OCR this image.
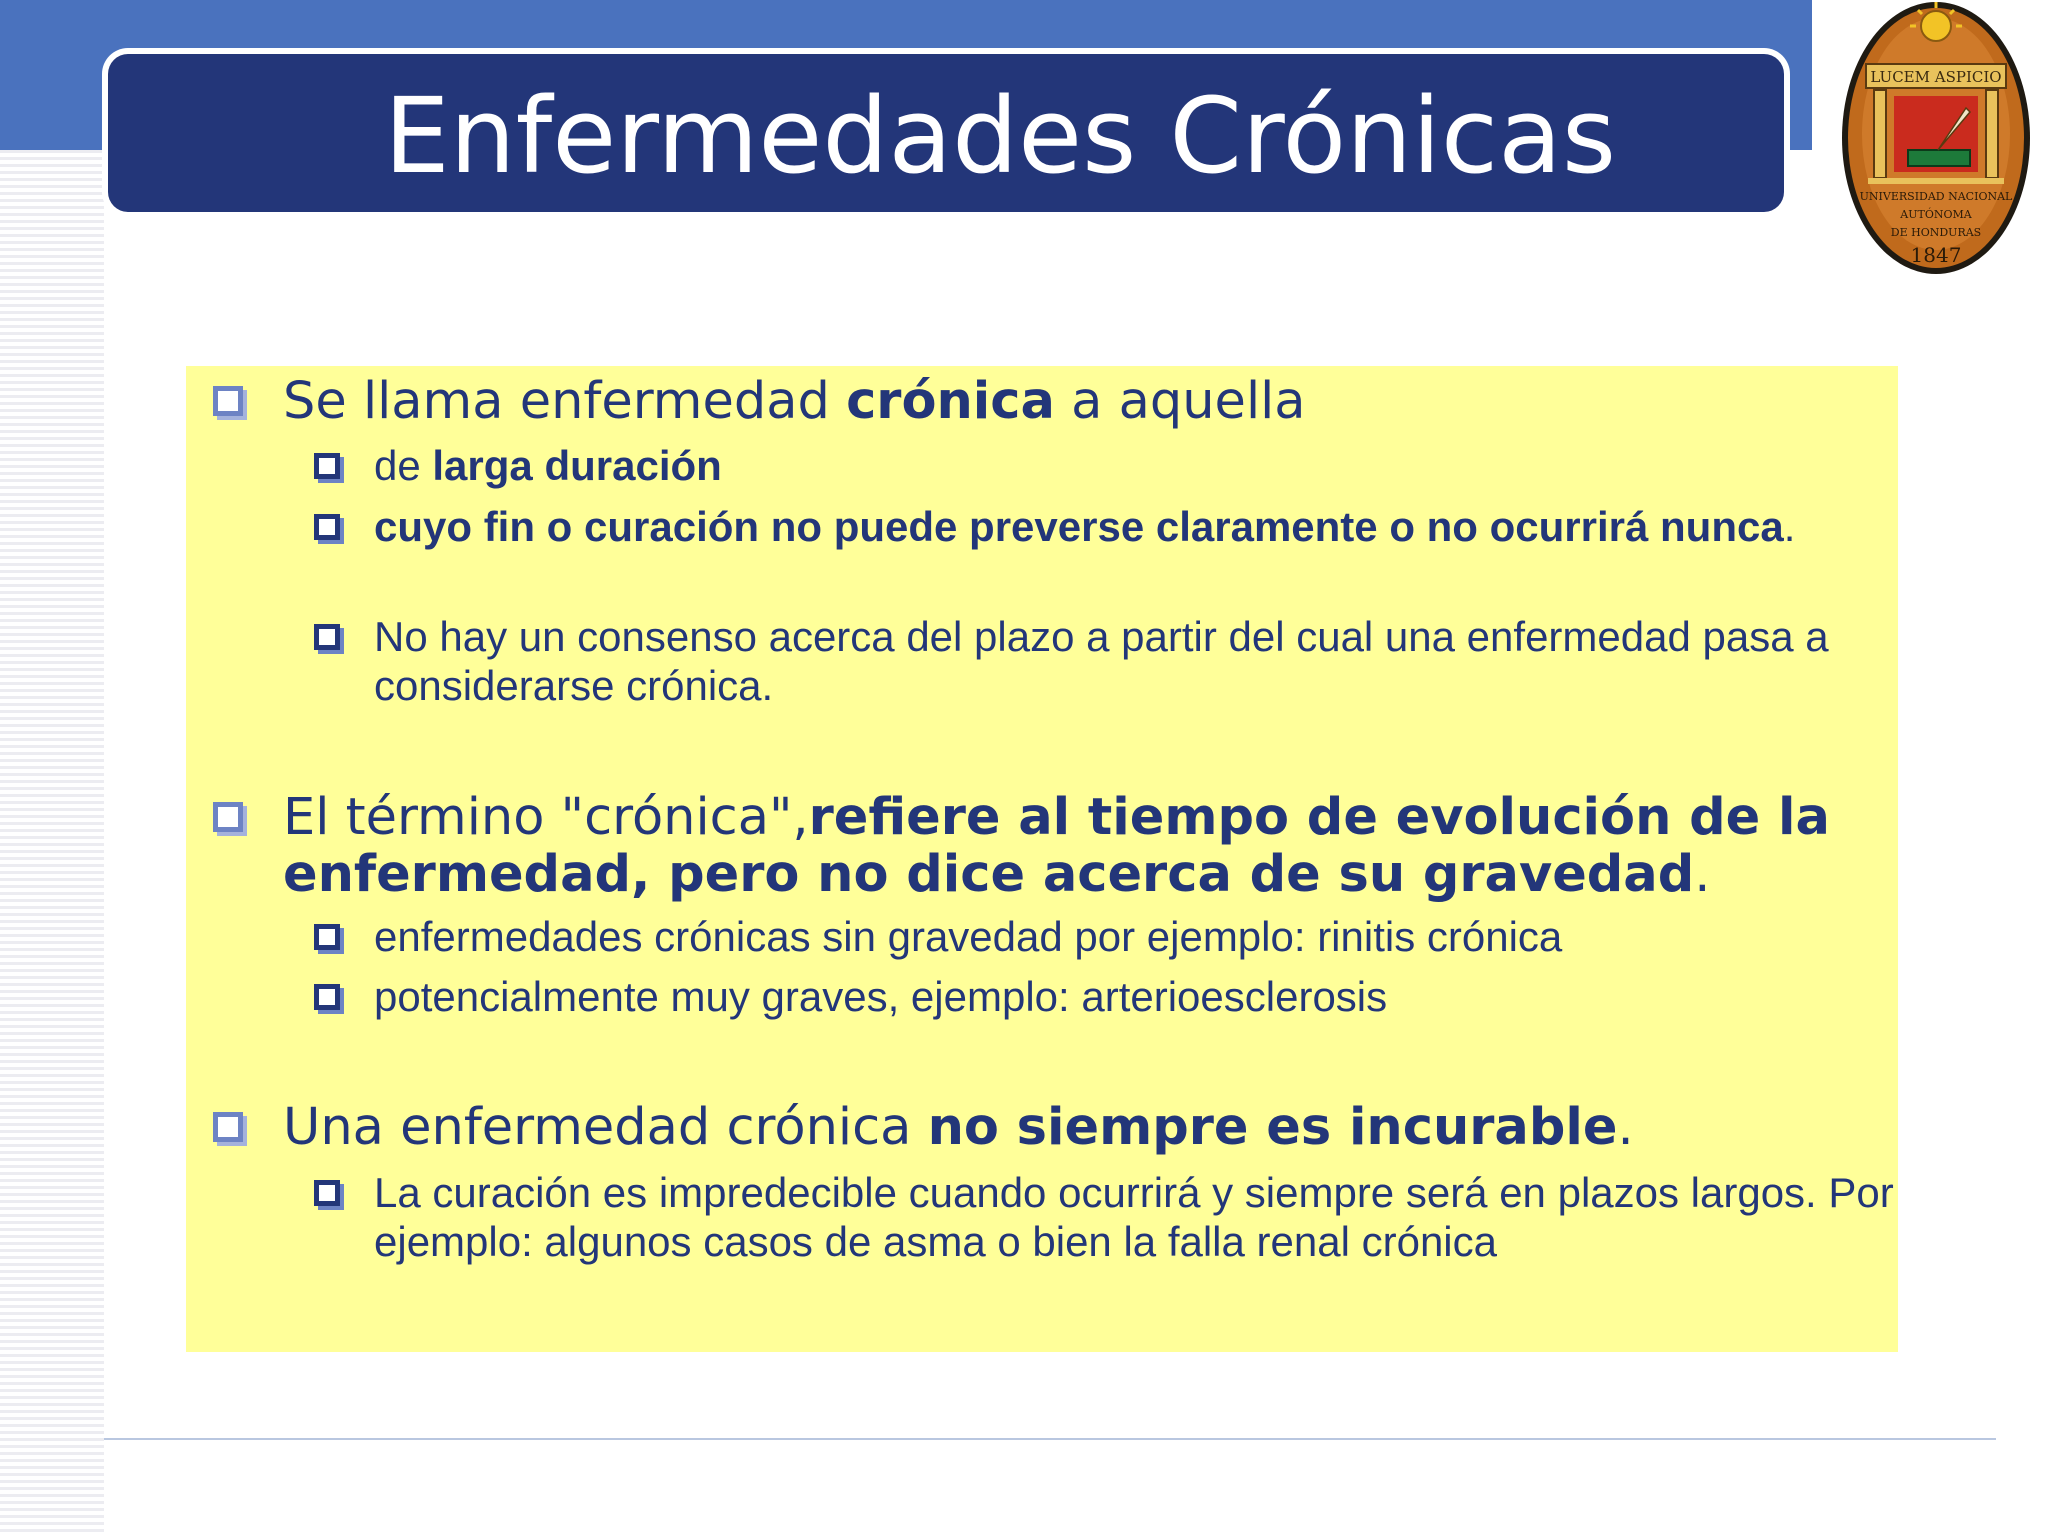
Enfermedades Crónicas	LUCEM ASPICIO
UNIVERSIDAD NACIONAL
AUTÓNOMA
DE HONDURAS
1847
Se llama enfermedad crónica a aquella
de larga duración
cuyo fin o curación no puede preverse claramente o no ocurrirá nunca.
No hay un consenso acerca del plazo a partir del cual una enfermedad pasa a considerarse crónica.
El término "crónica",refiere al tiempo de evolución de la enfermedad, pero no dice acerca de su gravedad.
enfermedades crónicas sin gravedad por ejemplo: rinitis crónica
potencialmente muy graves, ejemplo: arterioesclerosis
Una enfermedad crónica no siempre es incurable.
La curación es impredecible cuando ocurrirá y siempre será en plazos largos. Por ejemplo: algunos casos de asma o bien la falla renal crónica
